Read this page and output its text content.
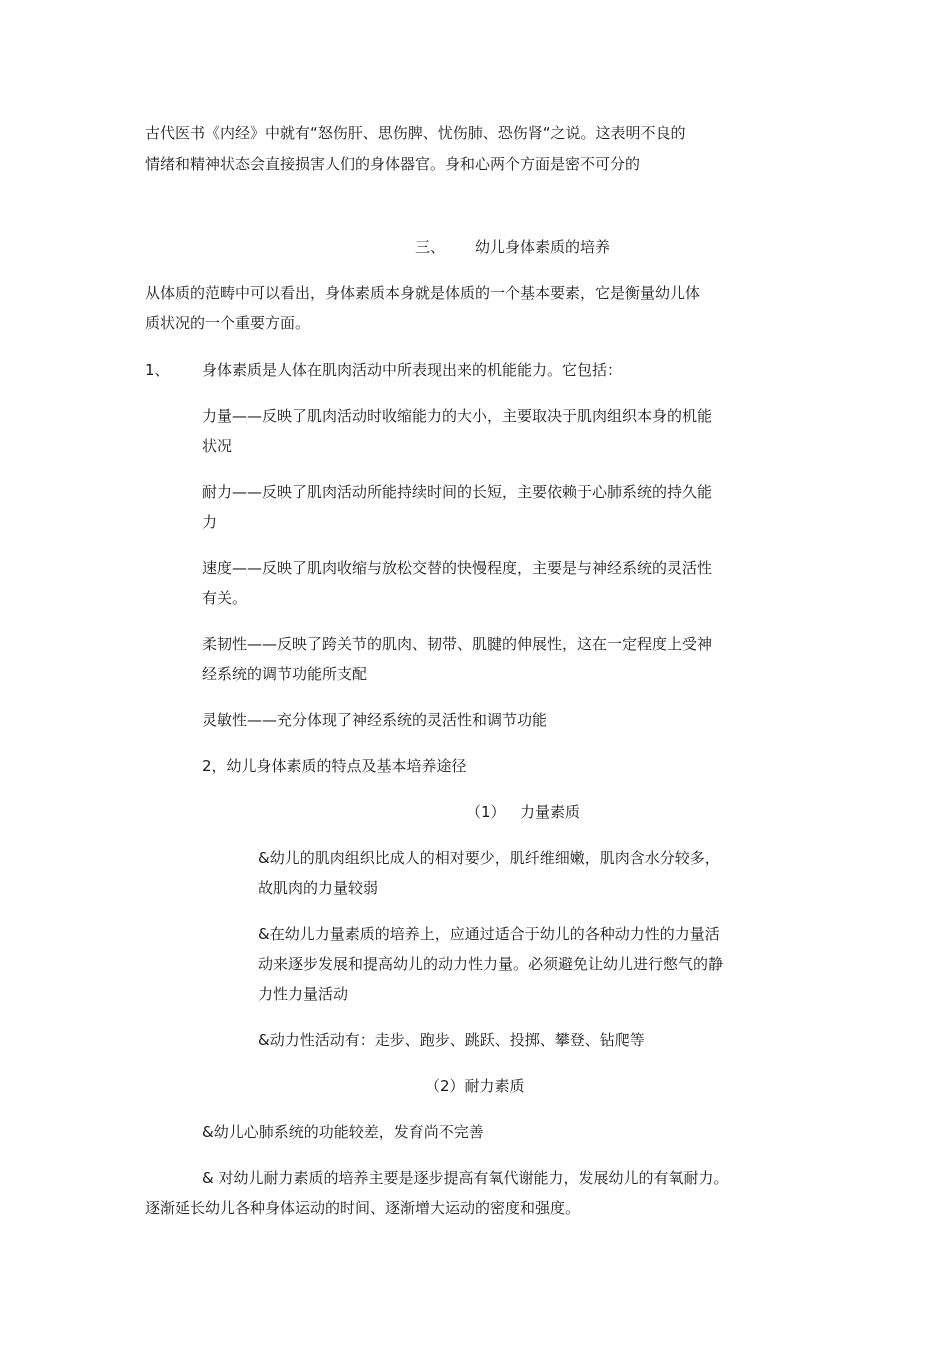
古代医书《内经》中就有“怒伤肝、思伤脾、忧伤肺、恐伤肾“之说。这表明不良的
情绪和精神状态会直接损害人们的身体器官。身和心两个方面是密不可分的
三、 幼儿身体素质的培养
从体质的范畴中可以看出，身体素质本身就是体质的一个基本要素，它是衡量幼儿体
质状况的一个重要方面。
1、 身体素质是人体在肌肉活动中所表现出来的机能能力。它包括：
力量——反映了肌肉活动时收缩能力的大小，主要取决于肌肉组织本身的机能
状况
耐力——反映了肌肉活动所能持续时间的长短，主要依赖于心肺系统的持久能
力
速度——反映了肌肉收缩与放松交替的快慢程度，主要是与神经系统的灵活性
有关。
柔韧性——反映了跨关节的肌肉、韧带、肌腱的伸展性，这在一定程度上受神
经系统的调节功能所支配
灵敏性——充分体现了神经系统的灵活性和调节功能
2，幼儿身体素质的特点及基本培养途径
（1） 力量素质
&幼儿的肌肉组织比成人的相对要少，肌纤维细嫩，肌肉含水分较多，
故肌肉的力量较弱
&在幼儿力量素质的培养上，应通过适合于幼儿的各种动力性的力量活
动来逐步发展和提高幼儿的动力性力量。必须避免让幼儿进行憋气的静
力性力量活动
&动力性活动有：走步、跑步、跳跃、投掷、攀登、钻爬等
（2）耐力素质
&幼儿心肺系统的功能较差，发育尚不完善
& 对幼儿耐力素质的培养主要是逐步提高有氧代谢能力，发展幼儿的有氧耐力。
逐渐延长幼儿各种身体运动的时间、逐渐增大运动的密度和强度。
